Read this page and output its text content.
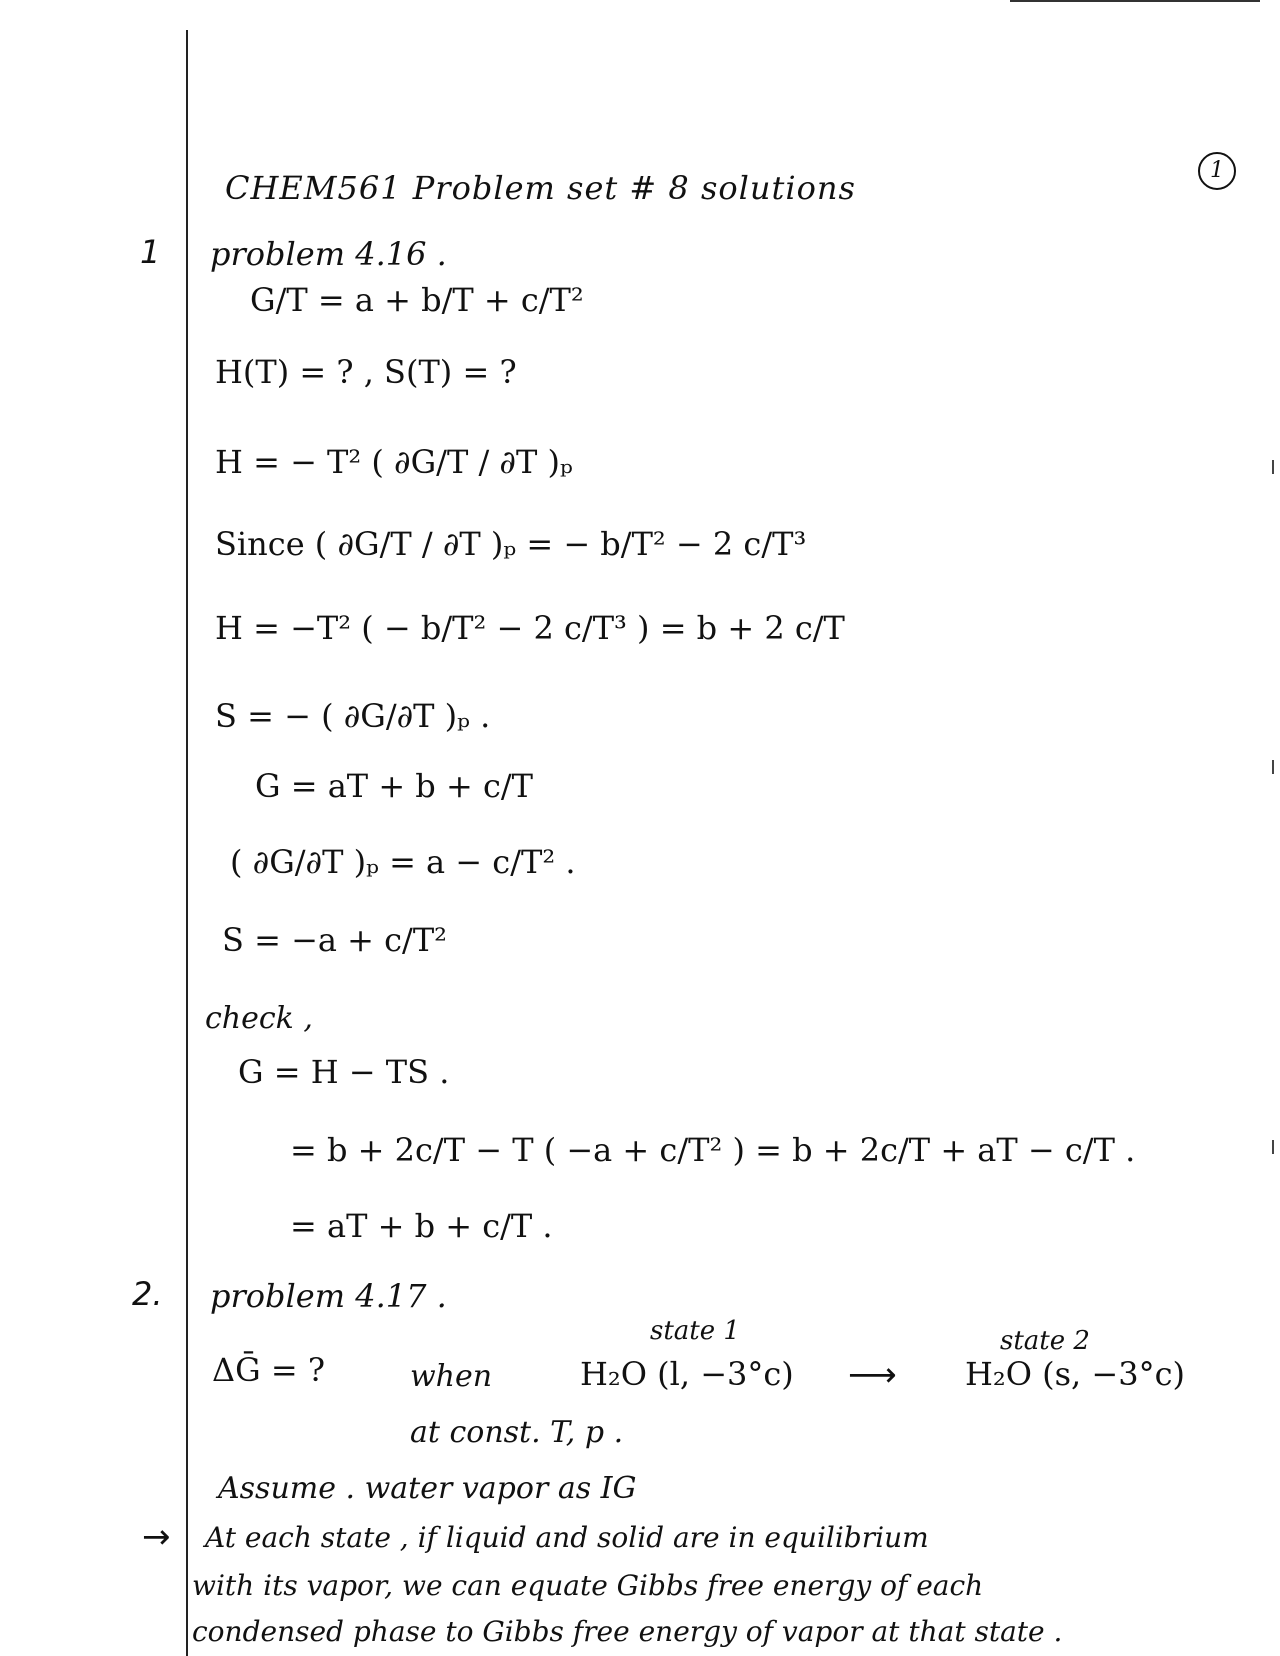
CHEM561 Problem set # 8 solutions	1
1 problem 4.16 .
G/T = a + b/T + c/T²
H(T) = ? , S(T) = ?
H = − T² ( ∂G/T / ∂T )ₚ
Since ( ∂G/T / ∂T )ₚ = − b/T² − 2 c/T³
H = −T² ( − b/T² − 2 c/T³ ) = b + 2 c/T
S = − ( ∂G/∂T )ₚ .
G = aT + b + c/T
( ∂G/∂T )ₚ = a − c/T² .
S = −a + c/T²
check ,
G = H − TS .
= b + 2c/T − T ( −a + c/T² ) = b + 2c/T + aT − c/T .
= aT + b + c/T .
2. problem 4.17 .
state 1	state 2
ΔḠ = ?	when	H₂O (l, −3°c) ⟶ H₂O (s, −3°c)
at const. T, p .
Assume . water vapor as IG
→ At each state , if liquid and solid are in equilibrium
with its vapor, we can equate Gibbs free energy of each
condensed phase to Gibbs free energy of vapor at that state .
